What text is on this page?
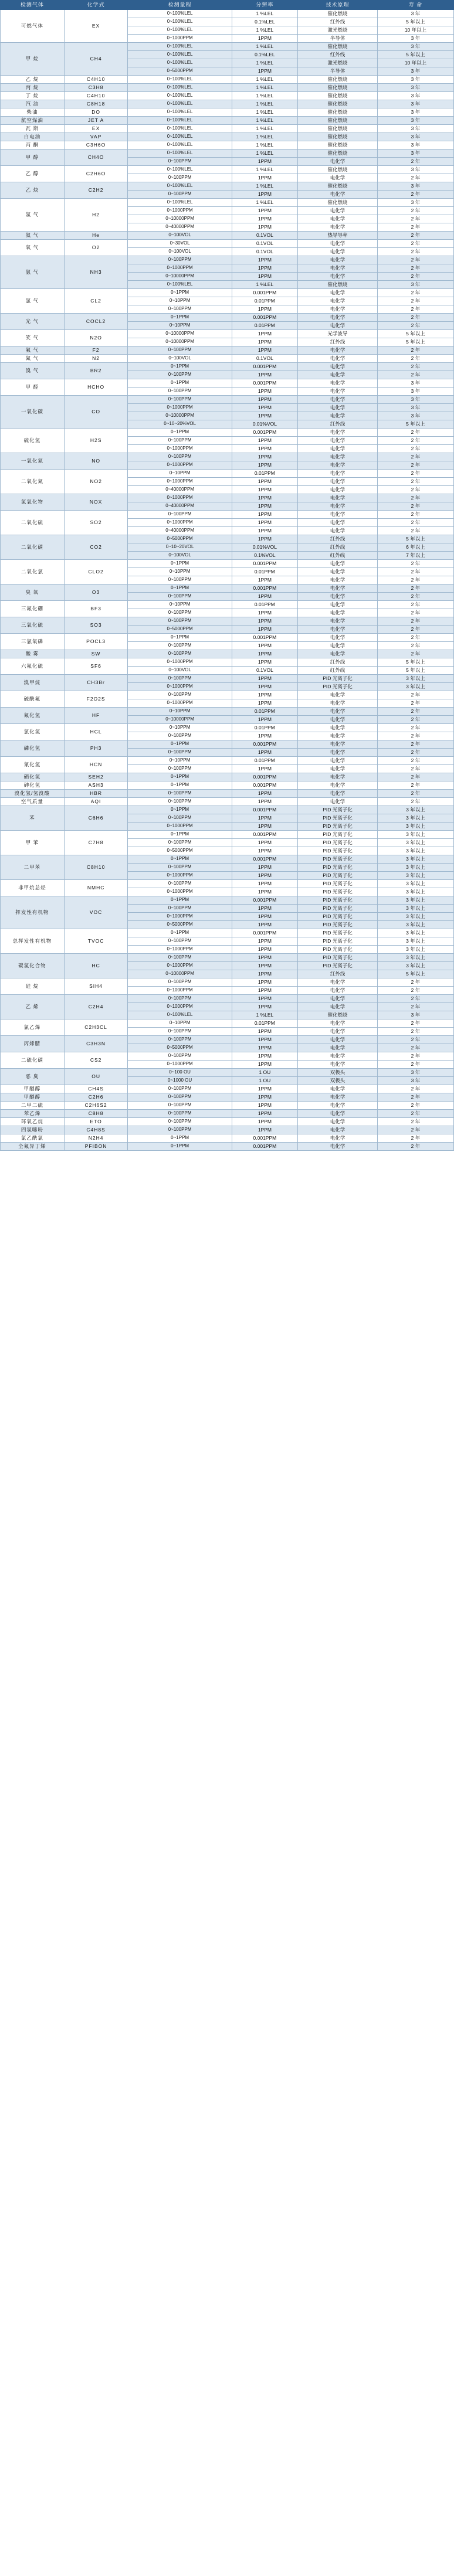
检测气体	化学式	检测量程	分辨率	技术原理	寿 命
可燃气体	EX	0~100%LEL	1 %LEL	催化燃烧	3 年
		0~100%LEL	0.1%LEL	红外线	5 年以上
		0~100%LEL	1 %LEL	激光燃烧	10 年以上
		0~1000PPM	1PPM	半导体	3 年
甲 烷	CH4	0~100%LEL	1 %LEL	催化燃烧	3 年
		0~100%LEL	0.1%LEL	红外线	5 年以上
		0~100%LEL	1 %LEL	激光燃烧	10 年以上
		0~5000PPM	1PPM	半导体	3 年
乙 烷	C4H10	0~100%LEL	1 %LEL	催化燃烧	3 年
丙 烷	C3H8	0~100%LEL	1 %LEL	催化燃烧	3 年
丁 烷	C4H10	0~100%LEL	1 %LEL	催化燃烧	3 年
汽 油	C8H18	0~100%LEL	1 %LEL	催化燃烧	3 年
柴油	DO	0~100%LEL	1 %LEL	催化燃烧	3 年
航空煤油	JET A	0~100%LEL	1 %LEL	催化燃烧	3 年
瓦 斯	EX	0~100%LEL	1 %LEL	催化燃烧	3 年
白电油	VAP	0~100%LEL	1 %LEL	催化燃烧	3 年
丙 酮	C3H6O	0~100%LEL	1 %LEL	催化燃烧	3 年
甲 醇	CH4O	0~100%LEL	1 %LEL	催化燃烧	3 年
		0~100PPM	1PPM	电化学	2 年
乙 醇	C2H6O	0~100%LEL	1 %LEL	催化燃烧	3 年
		0~100PPM	1PPM	电化学	2 年
乙 炔	C2H2	0~100%LEL	1 %LEL	催化燃烧	3 年
		0~100PPM	1PPM	电化学	2 年
氢 气	H2	0~100%LEL	1 %LEL	催化燃烧	3 年
		0~1000PPM	1PPM	电化学	2 年
		0~10000PPM	1PPM	电化学	2 年
		0~40000PPM	1PPM	电化学	2 年
氦 气	He	0~100VOL	0.1VOL	热导导率	2 年
氧 气	O2	0~30VOL	0.1VOL	电化学	2 年
		0~100VOL	0.1VOL	电化学	2 年
氨 气	NH3	0~100PPM	1PPM	电化学	2 年
		0~1000PPM	1PPM	电化学	2 年
		0~10000PPM	1PPM	电化学	2 年
		0~100%LEL	1 %LEL	催化燃烧	3 年
氯 气	CL2	0~1PPM	0.001PPM	电化学	2 年
		0~10PPM	0.01PPM	电化学	2 年
		0~100PPM	1PPM	电化学	2 年
光 气	COCL2	0~1PPM	0.001PPM	电化学	2 年
		0~10PPM	0.01PPM	电化学	2 年
笑 气	N2O	0~10000PPM	1PPM	光学波导	5 年以上
		0~10000PPM	1PPM	红外线	5 年以上
氟 气	F2	0~100PPM	1PPM	电化学	2 年
氮 气	N2	0~100VOL	0.1VOL	电化学	2 年
溴 气	BR2	0~1PPM	0.001PPM	电化学	2 年
		0~100PPM	1PPM	电化学	2 年
甲 醛	HCHO	0~1PPM	0.001PPM	电化学	3 年
		0~100PPM	1PPM	电化学	3 年
一氧化碳	CO	0~100PPM	1PPM	电化学	3 年
		0~1000PPM	1PPM	电化学	3 年
		0~10000PPM	1PPM	电化学	3 年
		0~10~20%VOL	0.01%VOL	红外线	5 年以上
硫化氢	H2S	0~1PPM	0.001PPM	电化学	2 年
		0~100PPM	1PPM	电化学	2 年
		0~1000PPM	1PPM	电化学	2 年
一氧化氮	NO	0~100PPM	1PPM	电化学	2 年
		0~1000PPM	1PPM	电化学	2 年
二氧化氮	NO2	0~10PPM	0.01PPM	电化学	2 年
		0~1000PPM	1PPM	电化学	2 年
		0~40000PPM	1PPM	电化学	2 年
氮氧化物	NOX	0~1000PPM	1PPM	电化学	2 年
		0~40000PPM	1PPM	电化学	2 年
二氧化硫	SO2	0~100PPM	1PPM	电化学	2 年
		0~1000PPM	1PPM	电化学	2 年
		0~40000PPM	1PPM	电化学	2 年
二氧化碳	CO2	0~5000PPM	1PPM	红外线	5 年以上
		0~10~20VOL	0.01%VOL	红外线	6 年以上
		0~100VOL	0.1%VOL	红外线	7 年以上
二氧化氯	CLO2	0~1PPM	0.001PPM	电化学	2 年
		0~10PPM	0.01PPM	电化学	2 年
		0~100PPM	1PPM	电化学	2 年
臭 氧	O3	0~1PPM	0.001PPM	电化学	2 年
		0~100PPM	1PPM	电化学	2 年
三氟化硼	BF3	0~10PPM	0.01PPM	电化学	2 年
		0~100PPM	1PPM	电化学	2 年
三氧化硫	SO3	0~100PPM	1PPM	电化学	2 年
		0~5000PPM	1PPM	电化学	2 年
三氯氧磷	POCL3	0~1PPM	0.001PPM	电化学	2 年
		0~100PPM	1PPM	电化学	2 年
酸 雾	SW	0~100PPM	1PPM	电化学	2 年
六氟化硫	SF6	0~1000PPM	1PPM	红外线	5 年以上
		0~100VOL	0.1VOL	红外线	5 年以上
溴甲烷	CH3Br	0~100PPM	1PPM	PID 光离子化	3 年以上
		0~1000PPM	1PPM	PID 光离子化	3 年以上
硫酰氟	F2O2S	0~100PPM	1PPM	电化学	2 年
		0~1000PPM	1PPM	电化学	2 年
氟化氢	HF	0~10PPM	0.01PPM	电化学	2 年
		0~10000PPM	1PPM	电化学	2 年
氯化氢	HCL	0~10PPM	0.01PPM	电化学	2 年
		0~100PPM	1PPM	电化学	2 年
磷化氢	PH3	0~1PPM	0.001PPM	电化学	2 年
		0~100PPM	1PPM	电化学	2 年
氰化氢	HCN	0~10PPM	0.01PPM	电化学	2 年
		0~100PPM	1PPM	电化学	2 年
硒化氢	SEH2	0~1PPM	0.001PPM	电化学	2 年
砷化氢	ASH3	0~1PPM	0.001PPM	电化学	2 年
溴化氢/氢溴酸	HBR	0~100PPM	1PPM	电化学	2 年
空气质量	AQI	0~100PPM	1PPM	电化学	2 年
苯	C6H6	0~1PPM	0.001PPM	PID 光离子化	3 年以上
		0~100PPM	1PPM	PID 光离子化	3 年以上
		0~1000PPM	1PPM	PID 光离子化	3 年以上
甲 苯	C7H8	0~1PPM	0.001PPM	PID 光离子化	3 年以上
		0~100PPM	1PPM	PID 光离子化	3 年以上
		0~5000PPM	1PPM	PID 光离子化	3 年以上
二甲苯	C8H10	0~1PPM	0.001PPM	PID 光离子化	3 年以上
		0~100PPM	1PPM	PID 光离子化	3 年以上
		0~1000PPM	1PPM	PID 光离子化	3 年以上
非甲烷总烃	NMHC	0~100PPM	1PPM	PID 光离子化	3 年以上
		0~1000PPM	1PPM	PID 光离子化	3 年以上
挥发性有机物	VOC	0~1PPM	0.001PPM	PID 光离子化	3 年以上
		0~100PPM	1PPM	PID 光离子化	3 年以上
		0~1000PPM	1PPM	PID 光离子化	3 年以上
		0~5000PPM	1PPM	PID 光离子化	3 年以上
总挥发性有机物	TVOC	0~1PPM	0.001PPM	PID 光离子化	3 年以上
		0~100PPM	1PPM	PID 光离子化	3 年以上
		0~1000PPM	1PPM	PID 光离子化	3 年以上
碳氢化合物	HC	0~100PPM	1PPM	PID 光离子化	3 年以上
		0~1000PPM	1PPM	PID 光离子化	3 年以上
		0~10000PPM	1PPM	红外线	5 年以上
硅 烷	SIH4	0~100PPM	1PPM	电化学	2 年
		0~1000PPM	1PPM	电化学	2 年
乙 烯	C2H4	0~100PPM	1PPM	电化学	2 年
		0~1000PPM	1PPM	电化学	2 年
		0~100%LEL	1 %LEL	催化燃烧	3 年
氯乙烯	C2H3CL	0~10PPM	0.01PPM	电化学	2 年
		0~100PPM	1PPM	电化学	2 年
丙烯腈	C3H3N	0~100PPM	1PPM	电化学	2 年
		0~5000PPM	1PPM	电化学	2 年
二硫化碳	CS2	0~100PPM	1PPM	电化学	2 年
		0~1000PPM	1PPM	电化学	2 年
恶 臭	OU	0~100 OU	1 OU	双极头	3 年
		0~1000 OU	1 OU	双极头	3 年
甲醚醇	CH4S	0~100PPM	1PPM	电化学	2 年
甲醚醇	C2H6	0~100PPM	1PPM	电化学	2 年
二甲二硫	C2H6S2	0~100PPM	1PPM	电化学	2 年
苯乙烯	C8H8	0~100PPM	1PPM	电化学	2 年
环氧乙烷	ETO	0~100PPM	1PPM	电化学	2 年
四氢噻吩	C4H8S	0~100PPM	1PPM	电化学	2 年
氯乙酰氯	N2H4	0~1PPM	0.001PPM	电化学	2 年
全氟异丁烯	PFIBON	0~1PPM	0.001PPM	电化学	2 年
